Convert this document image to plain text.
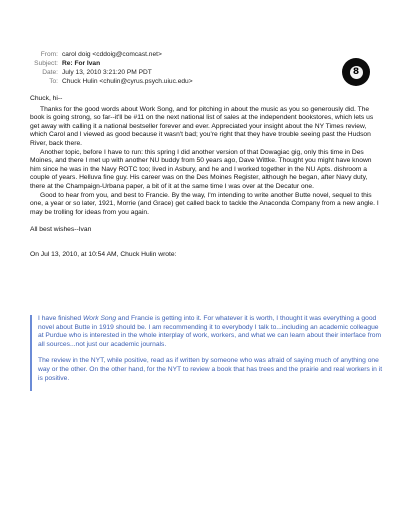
From: carol doig <cddoig@comcast.net>
Subject: Re: For Ivan
Date: July 13, 2010 3:21:20 PM PDT
To: Chuck Hulin <chulin@cyrus.psych.uiuc.edu>
8

Chuck, hi--

Thanks for the good words about Work Song, and for pitching in about the music as you so generously did. The book is going strong, so far--it'll be #11 on the next national list of sales at the independent bookstores, which lets us get away with calling it a national bestseller forever and ever. Appreciated your insight about the NY Times review, which Carol and I viewed as good because it wasn't bad; you're right that they have trouble seeing past the Hudson River, back there.

Another topic, before I have to run: this spring I did another version of that Dowagiac gig, only this time in Des Moines, and there I met up with another NU buddy from 50 years ago, Dave Wittke. Thought you might have known him since he was in the Navy ROTC too; lived in Asbury, and he and I worked together in the NU Apts. dishroom a couple of years. Helluva fine guy. His career was on the Des Moines Register, although he began, after Navy duty, there at the Champaign-Urbana paper, a bit of it at the same time I was over at the Decatur one.

Good to hear from you, and best to Francie. By the way, I'm intending to write another Butte novel, sequel to this one, a year or so later, 1921, Morrie (and Grace) get called back to tackle the Anaconda Company from a new angle. I may be trolling for ideas from you again.

All best wishes--Ivan

On Jul 13, 2010, at 10:54 AM, Chuck Hulin wrote:

I have finished Work Song and Francie is getting into it. For whatever it is worth, I thought it was everything a good novel about Butte in 1919 should be. I am recommending it to everybody I talk to...including an academic colleague at Purdue who is interested in the whole interplay of work, workers, and what we can learn about their interface from all sources...not just our academic journals.

The review in the NYT, while positive, read as if written by someone who was afraid of saying much of anything one way or the other. On the other hand, for the NYT to review a book that has trees and the prairie and real workers in it is positive.
